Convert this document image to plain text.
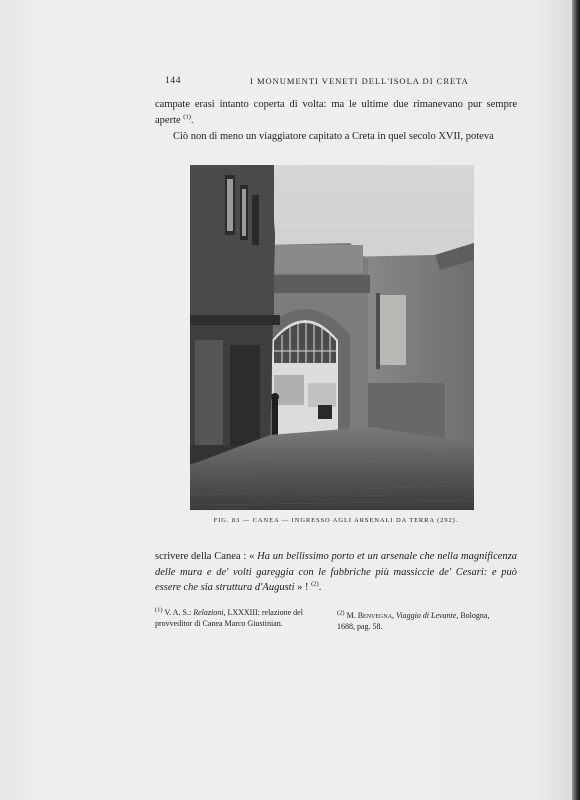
144	I MONUMENTI VENETI DELL'ISOLA DI CRETA
campate erasi intanto coperta di volta: ma le ultime due rimanevano pur sempre aperte $^{(1)}$.
Ciò non di meno un viaggiatore capitato a Creta in quel secolo XVII, poteva
FIG. 83 — CANEA — INGRESSO AGLI ARSENALI DA TERRA (292).
scrivere della Canea : « Ha un bellissimo porto et un arsenale che nella magnificenza delle mura e de' volti gareggia con le fabbriche più massiccie de' Cesari: e può essere che sia struttura d'Augusti » ! $^{(2)}$.
$^{(1)}$ V. A. S.: Relazioni, LXXXIII: relazione del provveditor di Canea Marco Giustinian.
$^{(2)}$ M. Benvegna, Viaggio di Levante, Bologna, 1688, pag. 58.
